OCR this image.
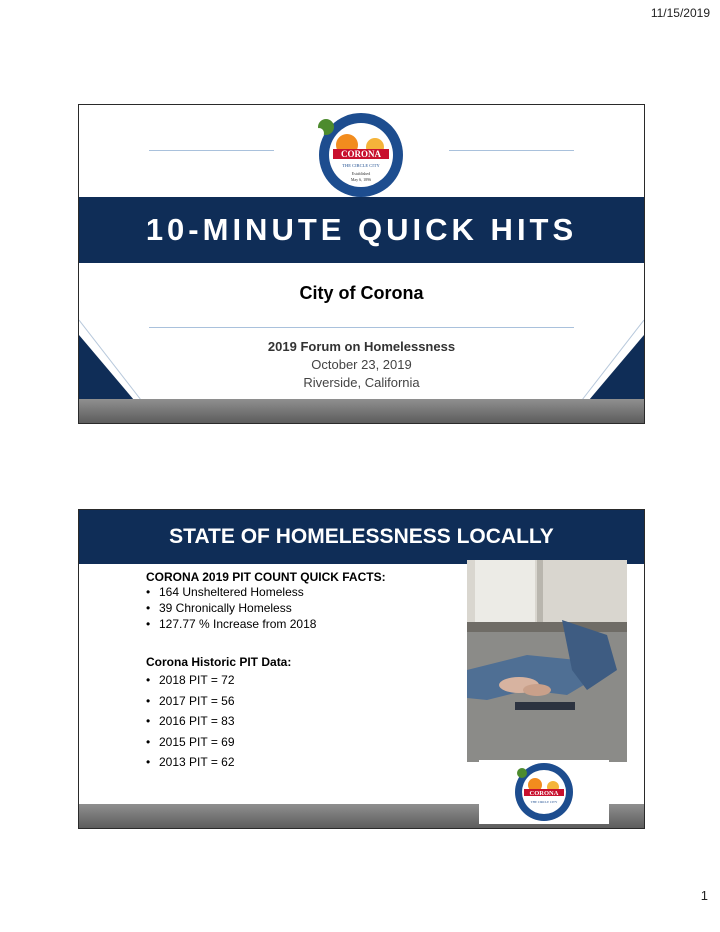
11/15/2019
CORONA
THE CIRCLE CITY
Established
May 6, 1896
10-MINUTE QUICK HITS
City of Corona
2019 Forum on Homelessness
October 23, 2019
Riverside, California
STATE OF HOMELESSNESS LOCALLY
CORONA 2019 PIT COUNT QUICK FACTS:
• 164 Unsheltered Homeless
• 39 Chronically Homeless
• 127.77 % Increase from 2018
Corona Historic PIT Data:
• 2018 PIT = 72
• 2017 PIT = 56
• 2016 PIT = 83
• 2015 PIT = 69
• 2013 PIT = 62
CORONA
THE CIRCLE CITY
1
